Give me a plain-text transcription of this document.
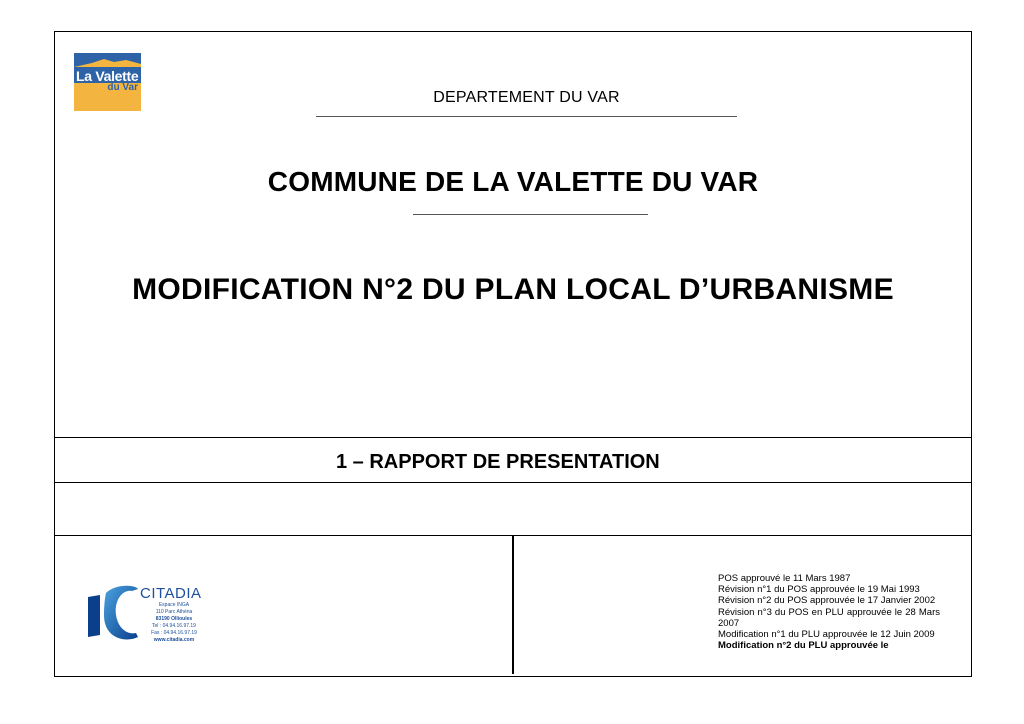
La Valette
du Var
DEPARTEMENT DU VAR
COMMUNE DE LA VALETTE DU VAR
MODIFICATION N°2 DU PLAN LOCAL D’URBANISME
1 – RAPPORT DE PRESENTATION
CITADIA
Espace INGA
110 Parc Athéna
83190 Ollioules
Tel : 04.94.16.97.19
Fax : 04.94.16.97.19
www.citadia.com
POS approuvé le 11 Mars 1987
Révision n°1 du POS approuvée le 19 Mai 1993
Révision n°2 du POS approuvée le 17 Janvier 2002
Révision n°3 du POS en PLU approuvée le 28 Mars 2007
Modification n°1 du PLU approuvée le 12 Juin 2009
Modification n°2 du PLU approuvée le
